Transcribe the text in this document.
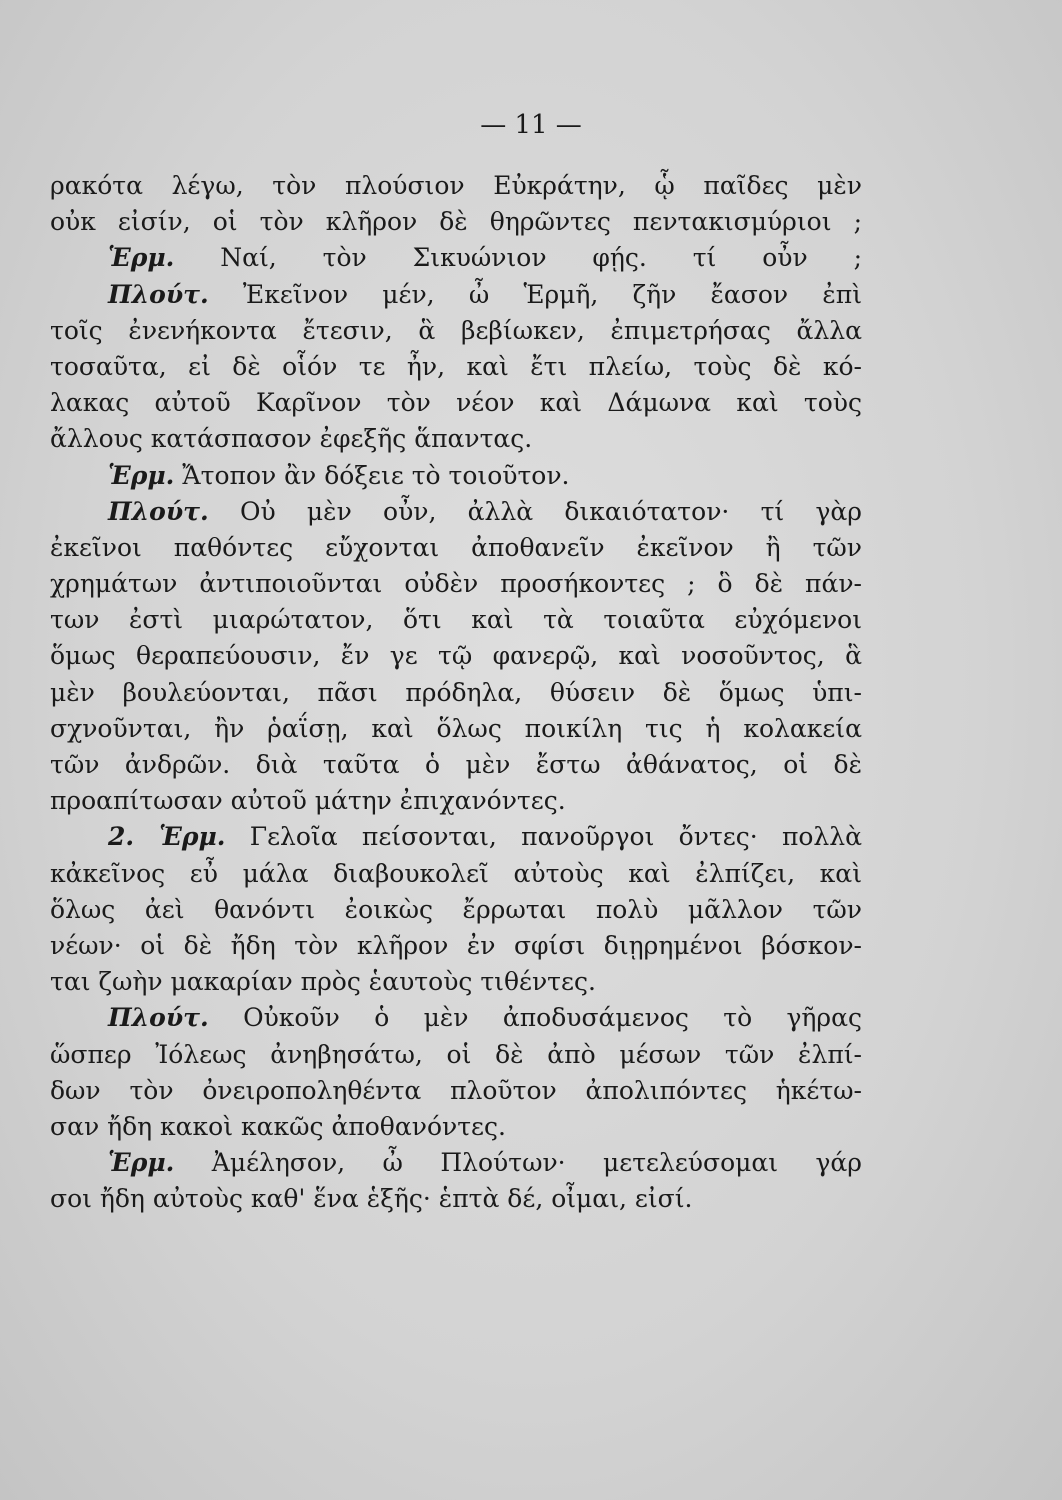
— 11 —
ρακότα λέγω, τὸν πλούσιον Εὐκράτην, ᾧ παῖδες μὲν
οὐκ εἰσίν, οἱ τὸν κλῆρον δὲ θηρῶντες πεντακισμύριοι ;
Ἑρμ. Ναί, τὸν Σικυώνιον φῄς. τί οὖν ;
Πλούτ. Ἐκεῖνον μέν, ὦ Ἑρμῆ, ζῆν ἔασον ἐπὶ
τοῖς ἐνενήκοντα ἔτεσιν, ἃ βεβίωκεν, ἐπιμετρήσας ἄλλα
τοσαῦτα, εἰ δὲ οἷόν τε ἦν, καὶ ἔτι πλείω, τοὺς δὲ κό-
λακας αὐτοῦ Καρῖνον τὸν νέον καὶ Δάμωνα καὶ τοὺς
ἄλλους κατάσπασον ἐφεξῆς ἅπαντας.
Ἑρμ. Ἄτοπον ἂν δόξειε τὸ τοιοῦτον.
Πλούτ. Οὐ μὲν οὖν, ἀλλὰ δικαιότατον· τί γὰρ
ἐκεῖνοι παθόντες εὔχονται ἀποθανεῖν ἐκεῖνον ἢ τῶν
χρημάτων ἀντιποιοῦνται οὐδὲν προσήκοντες ; ὃ δὲ πάν-
των ἐστὶ μιαρώτατον, ὅτι καὶ τὰ τοιαῦτα εὐχόμενοι
ὅμως θεραπεύουσιν, ἔν γε τῷ φανερῷ, καὶ νοσοῦντος, ἃ
μὲν βουλεύονται, πᾶσι πρόδηλα, θύσειν δὲ ὅμως ὑπι-
σχνοῦνται, ἢν ῥαΐσῃ, καὶ ὅλως ποικίλη τις ἡ κολακεία
τῶν ἀνδρῶν. διὰ ταῦτα ὁ μὲν ἔστω ἀθάνατος, οἱ δὲ
προαπίτωσαν αὐτοῦ μάτην ἐπιχανόντες.
2. Ἑρμ. Γελοῖα πείσονται, πανοῦργοι ὄντες· πολλὰ
κἀκεῖνος εὖ μάλα διαβουκολεῖ αὐτοὺς καὶ ἐλπίζει, καὶ
ὅλως ἀεὶ θανόντι ἐοικὼς ἔρρωται πολὺ μᾶλλον τῶν
νέων· οἱ δὲ ἤδη τὸν κλῆρον ἐν σφίσι διῃρημένοι βόσκον-
ται ζωὴν μακαρίαν πρὸς ἑαυτοὺς τιθέντες.
Πλούτ. Οὐκοῦν ὁ μὲν ἀποδυσάμενος τὸ γῆρας
ὥσπερ Ἰόλεως ἀνηβησάτω, οἱ δὲ ἀπὸ μέσων τῶν ἐλπί-
δων τὸν ὀνειροποληθέντα πλοῦτον ἀπολιπόντες ἡκέτω-
σαν ἤδη κακοὶ κακῶς ἀποθανόντες.
Ἑρμ. Ἀμέλησον, ὦ Πλούτων· μετελεύσομαι γάρ
σοι ἤδη αὐτοὺς καθ' ἕνα ἑξῆς· ἑπτὰ δέ, οἶμαι, εἰσί.
